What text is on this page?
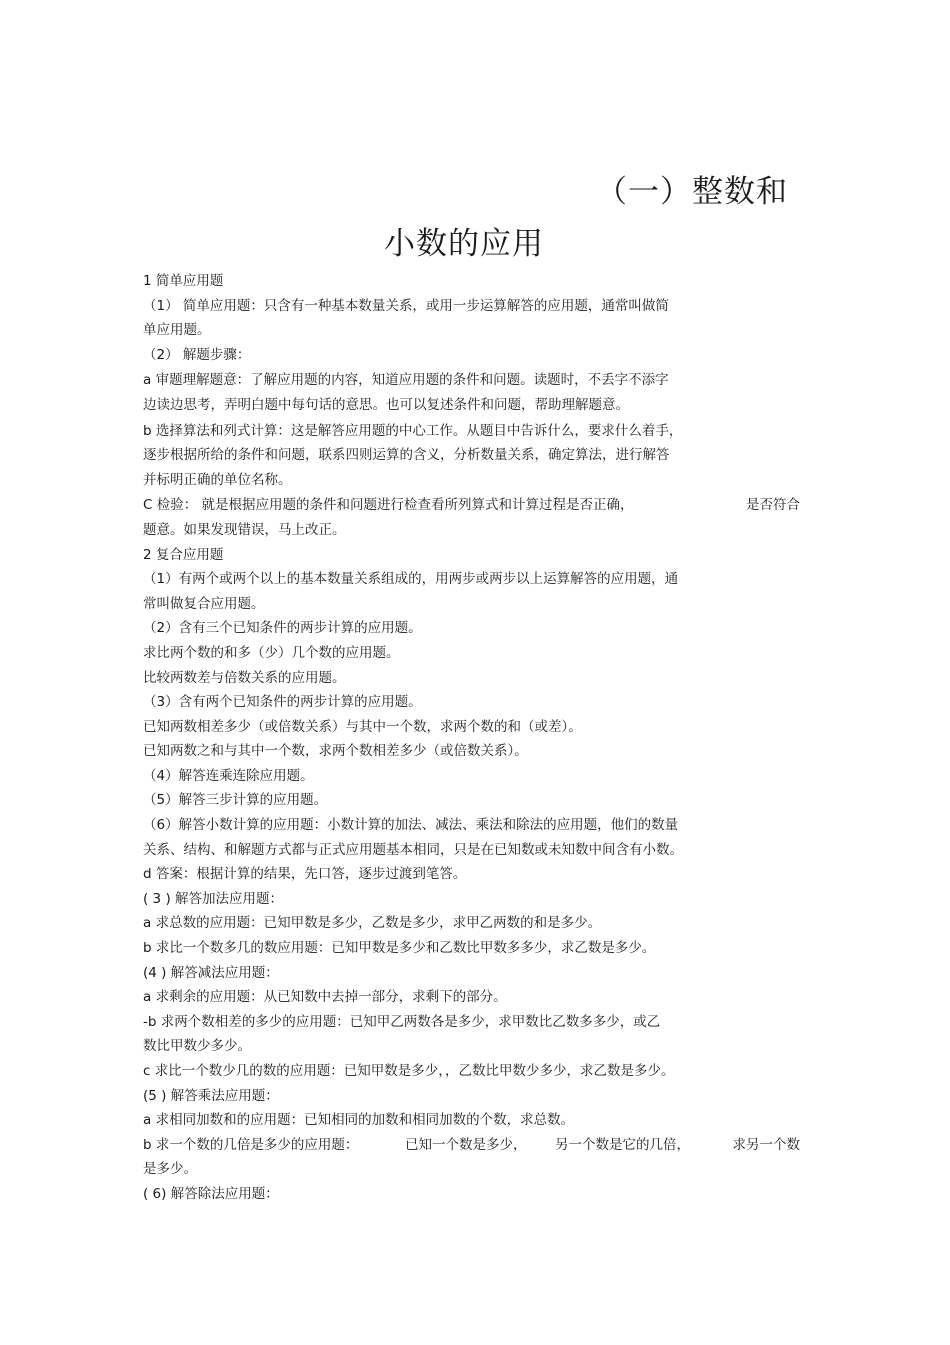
（一）整数和
小数的应用
1 简单应用题
（1） 简单应用题：只含有一种基本数量关系，或用一步运算解答的应用题，通常叫做简
单应用题。
（2） 解题步骤：
a 审题理解题意：了解应用题的内容，知道应用题的条件和问题。读题时，不丢字不添字
边读边思考，弄明白题中每句话的意思。也可以复述条件和问题，帮助理解题意。
b 选择算法和列式计算：这是解答应用题的中心工作。从题目中告诉什么，要求什么着手，
逐步根据所给的条件和问题，联系四则运算的含义，分析数量关系，确定算法，进行解答
并标明正确的单位名称。
C 检验： 就是根据应用题的条件和问题进行检查看所列算式和计算过程是否正确，	是否符合
题意。如果发现错误，马上改正。
2 复合应用题
（1）有两个或两个以上的基本数量关系组成的，用两步或两步以上运算解答的应用题，通
常叫做复合应用题。
（2）含有三个已知条件的两步计算的应用题。
求比两个数的和多（少）几个数的应用题。
比较两数差与倍数关系的应用题。
（3）含有两个已知条件的两步计算的应用题。
已知两数相差多少（或倍数关系）与其中一个数，求两个数的和（或差）。
已知两数之和与其中一个数，求两个数相差多少（或倍数关系）。
（4）解答连乘连除应用题。
（5）解答三步计算的应用题。
（6）解答小数计算的应用题：小数计算的加法、减法、乘法和除法的应用题，他们的数量
关系、结构、和解题方式都与正式应用题基本相同，只是在已知数或未知数中间含有小数。
d 答案：根据计算的结果，先口答，逐步过渡到笔答。
( 3 ) 解答加法应用题：
a 求总数的应用题：已知甲数是多少，乙数是多少，求甲乙两数的和是多少。
b 求比一个数多几的数应用题：已知甲数是多少和乙数比甲数多多少，求乙数是多少。
(4 ) 解答减法应用题：
a 求剩余的应用题：从已知数中去掉一部分，求剩下的部分。
-b 求两个数相差的多少的应用题：已知甲乙两数各是多少，求甲数比乙数多多少，或乙
数比甲数少多少。
c 求比一个数少几的数的应用题：已知甲数是多少，，乙数比甲数少多少，求乙数是多少。
(5 ) 解答乘法应用题：
a 求相同加数和的应用题：已知相同的加数和相同加数的个数，求总数。
b 求一个数的几倍是多少的应用题：	已知一个数是多少，	另一个数是它的几倍，	求另一个数
是多少。
( 6) 解答除法应用题：
